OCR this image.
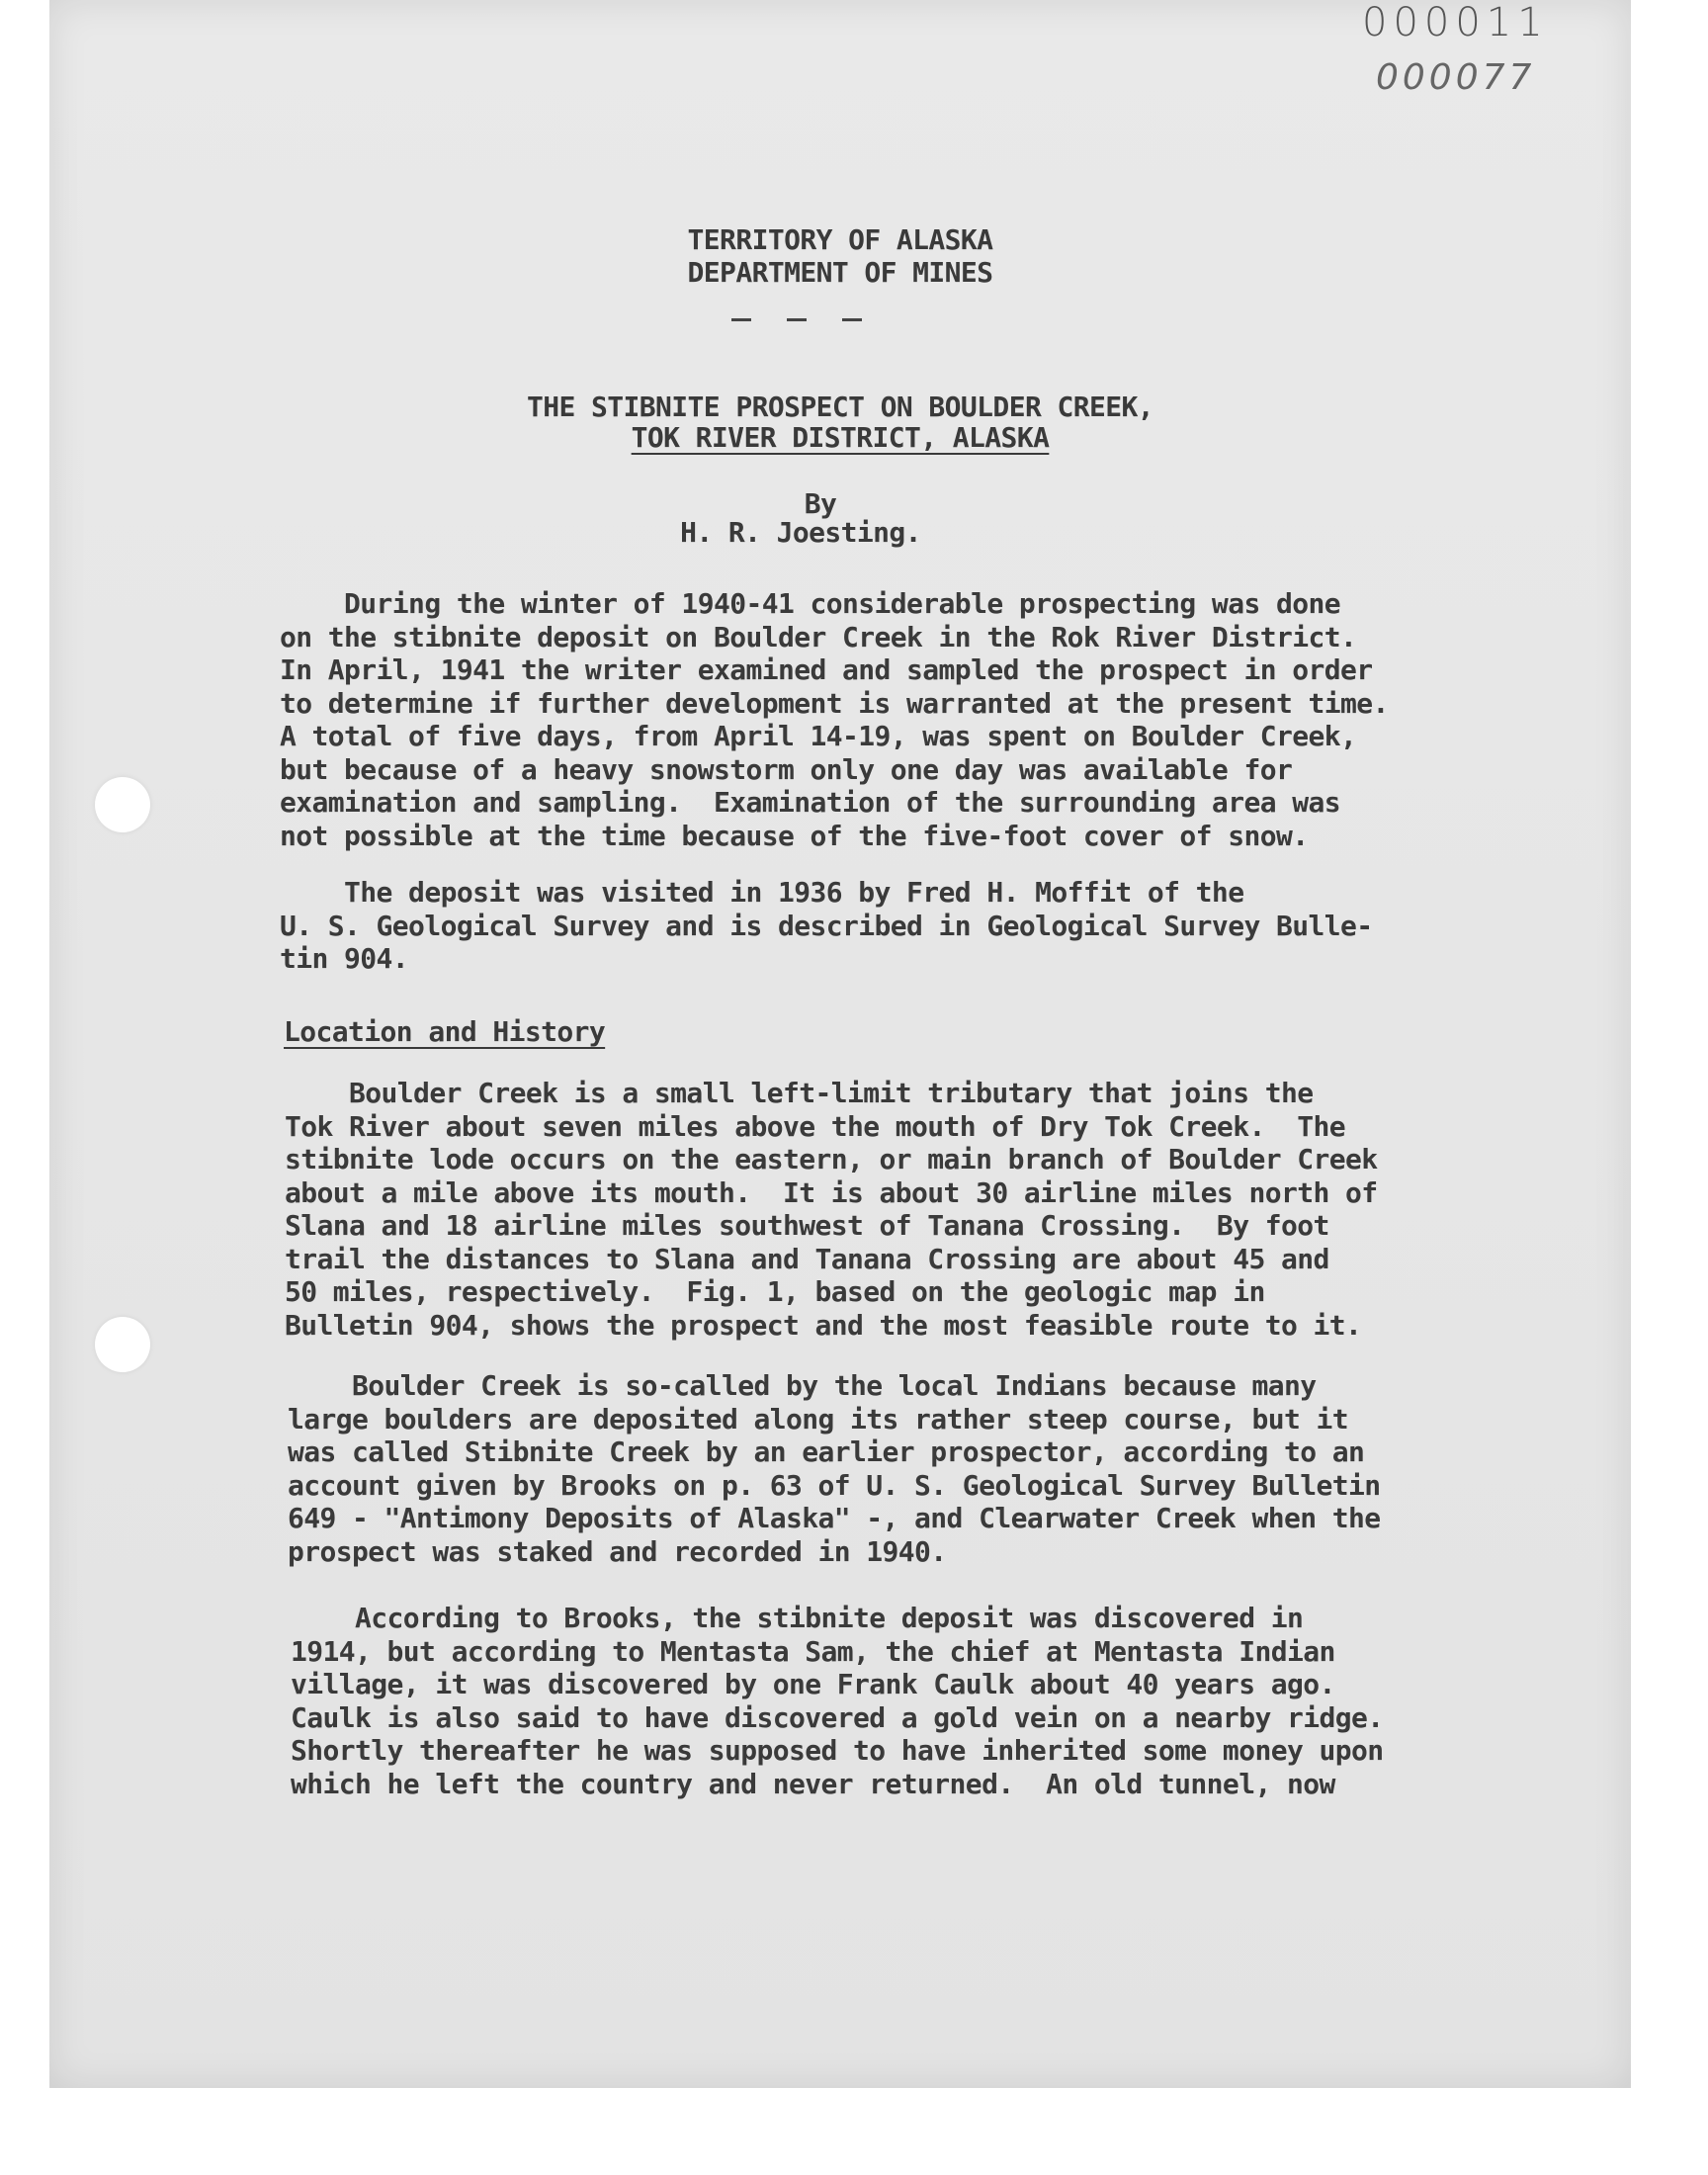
000011
000077
TERRITORY OF ALASKA
DEPARTMENT OF MINES
THE STIBNITE PROSPECT ON BOULDER CREEK,
TOK RIVER DISTRICT, ALASKA
By
H. R. Joesting.
During the winter of 1940-41 considerable prospecting was done
on the stibnite deposit on Boulder Creek in the Rok River District.
In April, 1941 the writer examined and sampled the prospect in order
to determine if further development is warranted at the present time.
A total of five days, from April 14-19, was spent on Boulder Creek,
but because of a heavy snowstorm only one day was available for
examination and sampling.  Examination of the surrounding area was
not possible at the time because of the five-foot cover of snow.
The deposit was visited in 1936 by Fred H. Moffit of the
U. S. Geological Survey and is described in Geological Survey Bulle-
tin 904.
Location and History
Boulder Creek is a small left-limit tributary that joins the
Tok River about seven miles above the mouth of Dry Tok Creek.  The
stibnite lode occurs on the eastern, or main branch of Boulder Creek
about a mile above its mouth.  It is about 30 airline miles north of
Slana and 18 airline miles southwest of Tanana Crossing.  By foot
trail the distances to Slana and Tanana Crossing are about 45 and
50 miles, respectively.  Fig. 1, based on the geologic map in
Bulletin 904, shows the prospect and the most feasible route to it.
Boulder Creek is so-called by the local Indians because many
large boulders are deposited along its rather steep course, but it
was called Stibnite Creek by an earlier prospector, according to an
account given by Brooks on p. 63 of U. S. Geological Survey Bulletin
649 - "Antimony Deposits of Alaska" -, and Clearwater Creek when the
prospect was staked and recorded in 1940.
According to Brooks, the stibnite deposit was discovered in
1914, but according to Mentasta Sam, the chief at Mentasta Indian
village, it was discovered by one Frank Caulk about 40 years ago.
Caulk is also said to have discovered a gold vein on a nearby ridge.
Shortly thereafter he was supposed to have inherited some money upon
which he left the country and never returned.  An old tunnel, now
